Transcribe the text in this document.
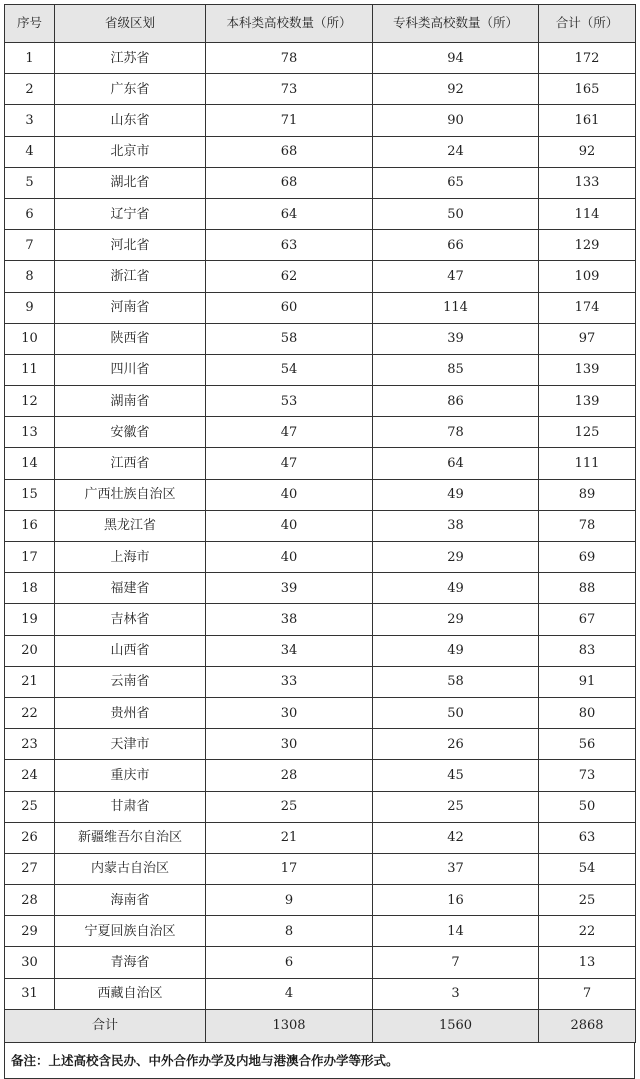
序号	省级区划	本科类高校数量（所）	专科类高校数量（所）	合计（所）
1	江苏省	78	94	172
2	广东省	73	92	165
3	山东省	71	90	161
4	北京市	68	24	92
5	湖北省	68	65	133
6	辽宁省	64	50	114
7	河北省	63	66	129
8	浙江省	62	47	109
9	河南省	60	114	174
10	陕西省	58	39	97
11	四川省	54	85	139
12	湖南省	53	86	139
13	安徽省	47	78	125
14	江西省	47	64	111
15	广西壮族自治区	40	49	89
16	黑龙江省	40	38	78
17	上海市	40	29	69
18	福建省	39	49	88
19	吉林省	38	29	67
20	山西省	34	49	83
21	云南省	33	58	91
22	贵州省	30	50	80
23	天津市	30	26	56
24	重庆市	28	45	73
25	甘肃省	25	25	50
26	新疆维吾尔自治区	21	42	63
27	内蒙古自治区	17	37	54
28	海南省	9	16	25
29	宁夏回族自治区	8	14	22
30	青海省	6	7	13
31	西藏自治区	4	3	7
合计		1308	1560	2868
备注：上述高校含民办、中外合作办学及内地与港澳合作办学等形式。
